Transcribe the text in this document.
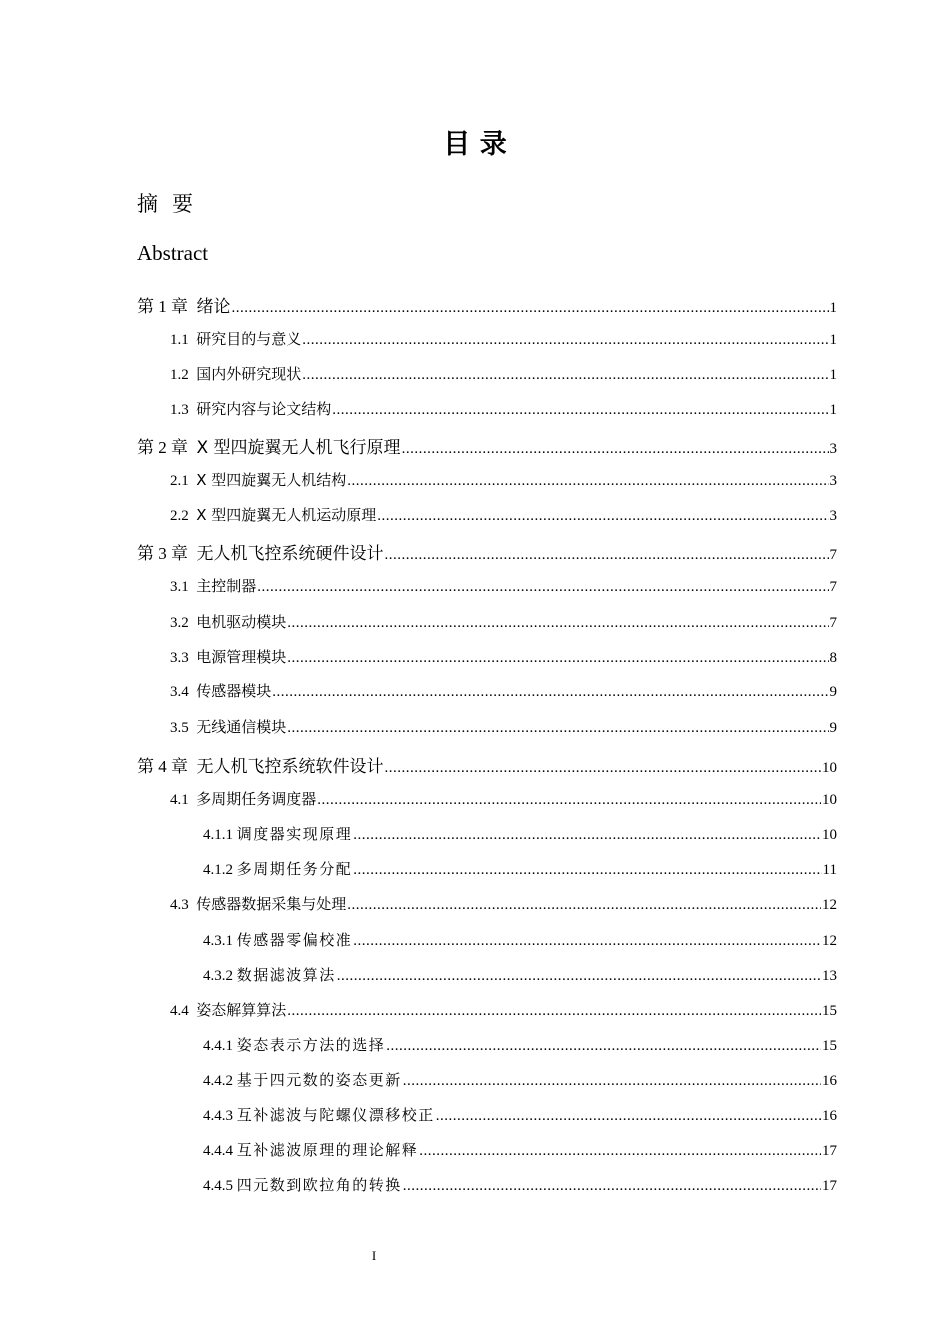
目 录
摘要
Abstract
第 1 章 绪论 .....	1
1.1 研究目的与意义 .....	1
1.2 国内外研究现状 .....	1
1.3 研究内容与论文结构 .....	1
第 2 章 X 型四旋翼无人机飞行原理 .....	3
2.1 X 型四旋翼无人机结构 .....	3
2.2 X 型四旋翼无人机运动原理 .....	3
第 3 章 无人机飞控系统硬件设计 .....	7
3.1 主控制器 .....	7
3.2 电机驱动模块 .....	7
3.3 电源管理模块 .....	8
3.4 传感器模块 .....	9
3.5 无线通信模块 .....	9
第 4 章 无人机飞控系统软件设计 .....	10
4.1 多周期任务调度器 .....	10
4.1.1 调度器实现原理 .....	10
4.1.2 多周期任务分配 .....	11
4.3 传感器数据采集与处理 .....	12
4.3.1 传感器零偏校准 .....	12
4.3.2 数据滤波算法 .....	13
4.4 姿态解算算法 .....	15
4.4.1 姿态表示方法的选择 .....	15
4.4.2 基于四元数的姿态更新 .....	16
4.4.3 互补滤波与陀螺仪漂移校正 .....	16
4.4.4 互补滤波原理的理论解释 .....	17
4.4.5 四元数到欧拉角的转换 .....	17
I
